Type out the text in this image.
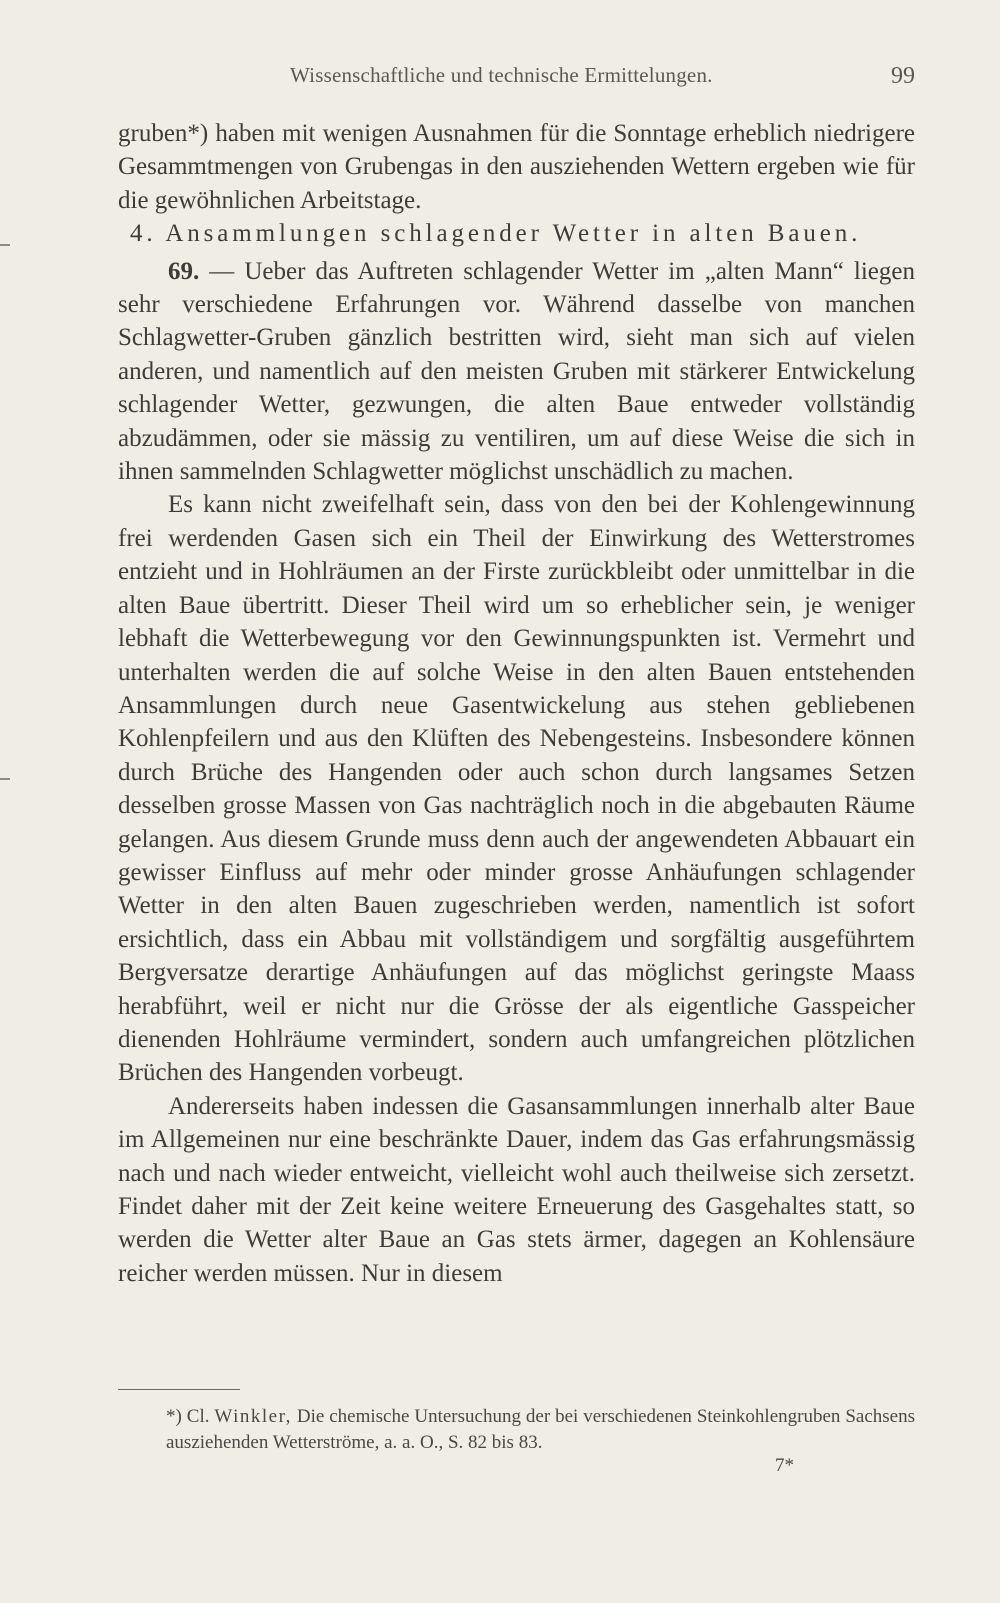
Wissenschaftliche und technische Ermittelungen.	99

gruben*) haben mit wenigen Ausnahmen für die Sonntage erheblich niedrigere Gesammtmengen von Grubengas in den ausziehenden Wettern ergeben wie für die gewöhnlichen Arbeitstage.

4. Ansammlungen schlagender Wetter in alten Bauen.

69. — Ueber das Auftreten schlagender Wetter im „alten Mann“ liegen sehr verschiedene Erfahrungen vor. Während dasselbe von manchen Schlagwetter-Gruben gänzlich bestritten wird, sieht man sich auf vielen anderen, und namentlich auf den meisten Gruben mit stärkerer Entwickelung schlagender Wetter, gezwungen, die alten Baue entweder vollständig abzudämmen, oder sie mässig zu ventiliren, um auf diese Weise die sich in ihnen sammelnden Schlagwetter möglichst unschädlich zu machen.

Es kann nicht zweifelhaft sein, dass von den bei der Kohlengewinnung frei werdenden Gasen sich ein Theil der Einwirkung des Wetterstromes entzieht und in Hohlräumen an der Firste zurückbleibt oder unmittelbar in die alten Baue übertritt. Dieser Theil wird um so erheblicher sein, je weniger lebhaft die Wetterbewegung vor den Gewinnungspunkten ist. Vermehrt und unterhalten werden die auf solche Weise in den alten Bauen entstehenden Ansammlungen durch neue Gasentwickelung aus stehen gebliebenen Kohlenpfeilern und aus den Klüften des Nebengesteins. Insbesondere können durch Brüche des Hangenden oder auch schon durch langsames Setzen desselben grosse Massen von Gas nachträglich noch in die abgebauten Räume gelangen. Aus diesem Grunde muss denn auch der angewendeten Abbauart ein gewisser Einfluss auf mehr oder minder grosse Anhäufungen schlagender Wetter in den alten Bauen zugeschrieben werden, namentlich ist sofort ersichtlich, dass ein Abbau mit vollständigem und sorgfältig ausgeführtem Bergversatze derartige Anhäufungen auf das möglichst geringste Maass herabführt, weil er nicht nur die Grösse der als eigentliche Gasspeicher dienenden Hohlräume vermindert, sondern auch umfangreichen plötzlichen Brüchen des Hangenden vorbeugt.

Andererseits haben indessen die Gasansammlungen innerhalb alter Baue im Allgemeinen nur eine beschränkte Dauer, indem das Gas erfahrungsmässig nach und nach wieder entweicht, vielleicht wohl auch theilweise sich zersetzt. Findet daher mit der Zeit keine weitere Erneuerung des Gasgehaltes statt, so werden die Wetter alter Baue an Gas stets ärmer, dagegen an Kohlensäure reicher werden müssen. Nur in diesem

*) Cl. Winkler, Die chemische Untersuchung der bei verschiedenen Steinkohlengruben Sachsens ausziehenden Wetterströme, a. a. O., S. 82 bis 83.
7*
